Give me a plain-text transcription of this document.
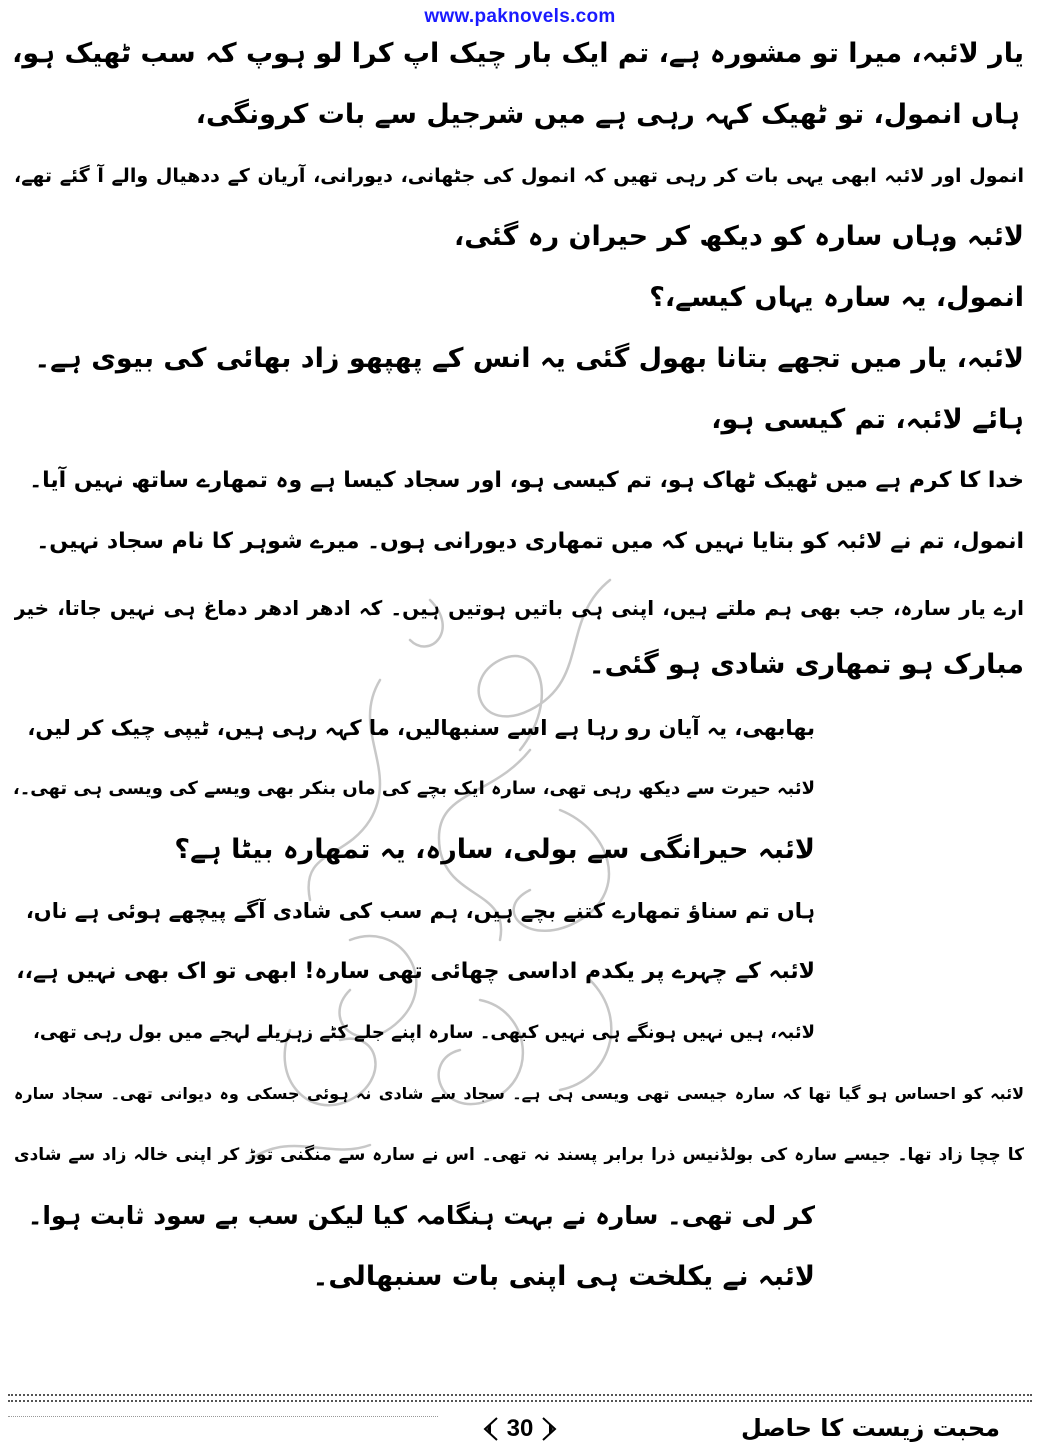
www.paknovels.com
یار لائبہ، میرا تو مشورہ ہے، تم ایک بار چیک اپ کرا لو ہوپ کہ سب ٹھیک ہو،
ہاں انمول، تو ٹھیک کہہ رہی ہے میں شرجیل سے بات کرونگی،
انمول اور لائبہ ابھی یہی بات کر رہی تھیں کہ انمول کی جٹھانی، دیورانی، آریان کے ددھیال والے آ گئے تھے،
لائبہ وہاں سارہ کو دیکھ کر حیران رہ گئی،
انمول، یہ سارہ یہاں کیسے،؟
لائبہ، یار میں تجھے بتانا بھول گئی یہ انس کے پھپھو زاد بھائی کی بیوی ہے۔
ہائے لائبہ، تم کیسی ہو،
خدا کا کرم ہے میں ٹھیک ٹھاک ہو، تم کیسی ہو، اور سجاد کیسا ہے وہ تمھارے ساتھ نہیں آیا۔
انمول، تم نے لائبہ کو بتایا نہیں کہ میں تمھاری دیورانی ہوں۔ میرے شوہر کا نام سجاد نہیں۔
ارے یار سارہ، جب بھی ہم ملتے ہیں، اپنی ہی باتیں ہوتیں ہیں۔ کہ ادھر ادھر دماغ ہی نہیں جاتا، خیر
مبارک ہو تمھاری شادی ہو گئی۔
بھابھی، یہ آیان رو رہا ہے اسے سنبھالیں، ما کہہ رہی ہیں، ٹیپی چیک کر لیں،
لائبہ حیرت سے دیکھ رہی تھی، سارہ ایک بچے کی ماں بنکر بھی ویسے کی ویسی ہی تھی۔،
لائبہ حیرانگی سے بولی، سارہ، یہ تمھارہ بیٹا ہے؟
ہاں تم سناؤ تمھارے کتنے بچے ہیں، ہم سب کی شادی آگے پیچھے ہوئی ہے ناں،
لائبہ کے چہرے پر یکدم اداسی چھائی تھی سارہ! ابھی تو اک بھی نہیں ہے،،
لائبہ، ہیں نہیں ہونگے ہی نہیں کبھی۔ سارہ اپنے جلے کٹے زہریلے لہجے میں بول رہی تھی،
لائبہ کو احساس ہو گیا تھا کہ سارہ جیسی تھی ویسی ہی ہے۔ سجاد سے شادی نہ ہوئی جسکی وہ دیوانی تھی۔ سجاد سارہ
کا چچا زاد تھا۔ جیسے سارہ کی بولڈنیس ذرا برابر پسند نہ تھی۔ اس نے سارہ سے منگنی توڑ کر اپنی خالہ زاد سے شادی
کر لی تھی۔ سارہ نے بہت ہنگامہ کیا لیکن سب بے سود ثابت ہوا۔
لائبہ نے یکلخت ہی اپنی بات سنبھالی۔
30	محبت زیست کا حاصل
